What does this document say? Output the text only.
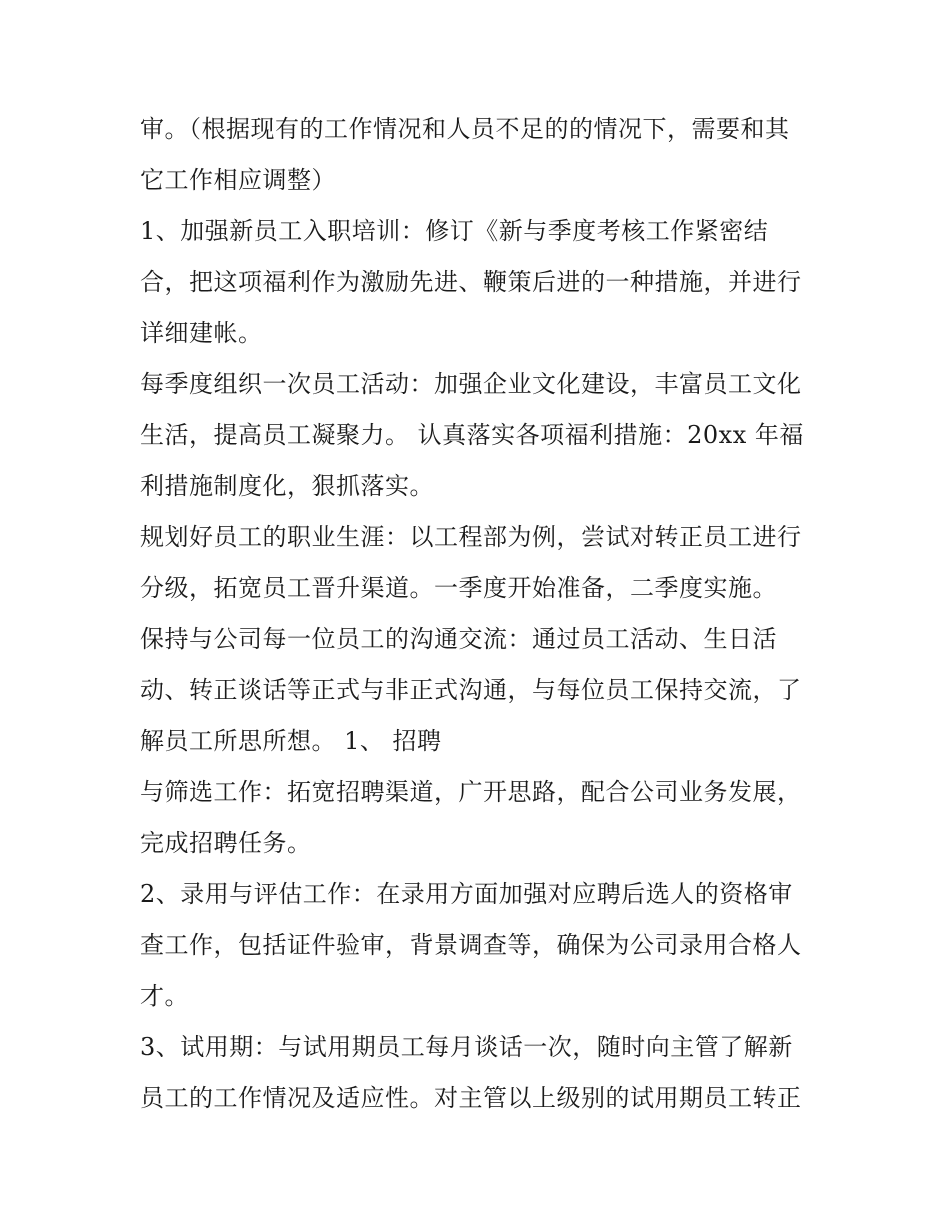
审。（根据现有的工作情况和人员不足的的情况下，需要和其
它工作相应调整）
1、加强新员工入职培训：修订《新与季度考核工作紧密结
合，把这项福利作为激励先进、鞭策后进的一种措施，并进行
详细建帐。
每季度组织一次员工活动：加强企业文化建设，丰富员工文化
生活，提高员工凝聚力。 认真落实各项福利措施：20xx 年福
利措施制度化，狠抓落实。
规划好员工的职业生涯：以工程部为例，尝试对转正员工进行
分级，拓宽员工晋升渠道。一季度开始准备，二季度实施。
保持与公司每一位员工的沟通交流：通过员工活动、生日活
动、转正谈话等正式与非正式沟通，与每位员工保持交流，了
解员工所思所想。 1、 招聘
与筛选工作：拓宽招聘渠道，广开思路，配合公司业务发展，
完成招聘任务。
2、录用与评估工作：在录用方面加强对应聘后选人的资格审
查工作，包括证件验审，背景调查等，确保为公司录用合格人
才。
3、试用期：与试用期员工每月谈话一次，随时向主管了解新
员工的工作情况及适应性。对主管以上级别的试用期员工转正
